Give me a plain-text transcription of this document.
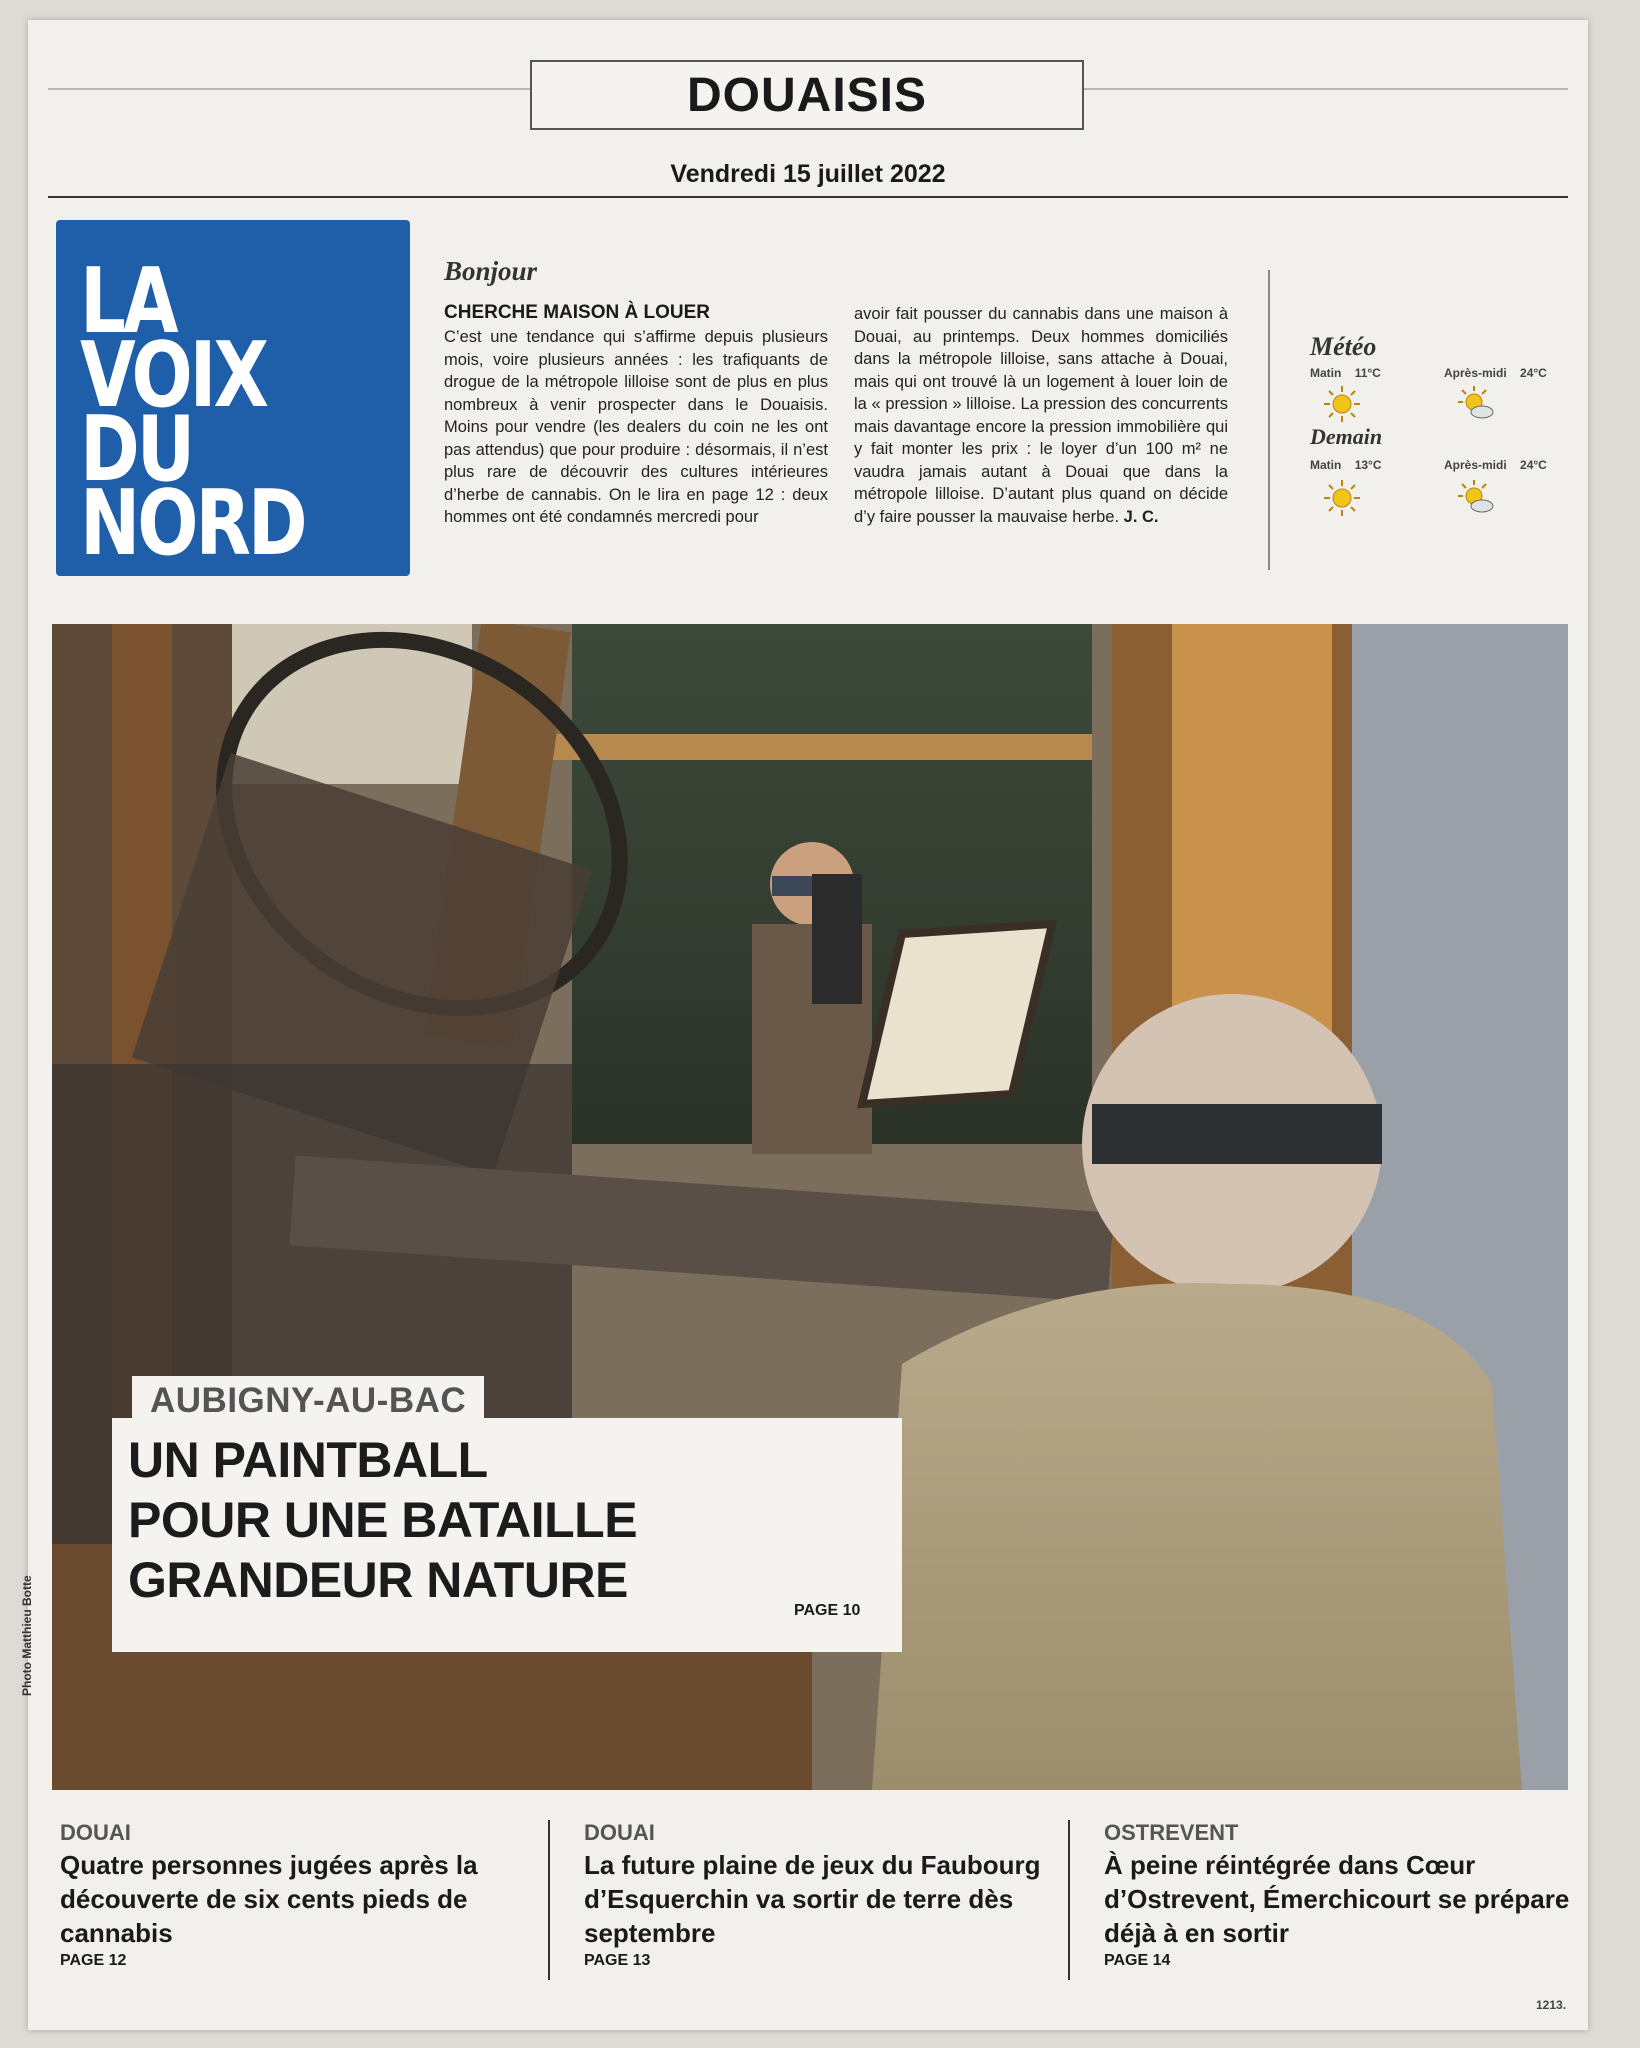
DOUAISIS
Vendredi 15 juillet 2022
LA
VOIX
DU
NORD
Bonjour
CHERCHE MAISON À LOUER
C’est une tendance qui s’affirme depuis plusieurs mois, voire plusieurs années : les trafiquants de drogue de la métropole lilloise sont de plus en plus nombreux à venir prospecter dans le Douaisis. Moins pour vendre (les dealers du coin ne les ont pas attendus) que pour produire : désormais, il n’est plus rare de découvrir des cultures intérieures d’herbe de cannabis. On le lira en page 12 : deux hommes ont été condamnés mercredi pour
avoir fait pousser du cannabis dans une maison à Douai, au printemps. Deux hommes domiciliés dans la métropole lilloise, sans attache à Douai, mais qui ont trouvé là un logement à louer loin de la « pression » lilloise. La pression des concurrents mais davantage encore la pression immobilière qui y fait monter les prix : le loyer d’un 100 m² ne vaudra jamais autant à Douai que dans la métropole lilloise. D’autant plus quand on décide d’y faire pousser la mauvaise herbe. J. C.
Météo
Matin 11°C	Après-midi 24°C
Demain
Matin 13°C	Après-midi 24°C
Photo Matthieu Botte
AUBIGNY-AU-BAC
UN PAINTBALL
POUR UNE BATAILLE
GRANDEUR NATURE
PAGE 10
DOUAI
Quatre personnes jugées après la découverte de six cents pieds de cannabis
PAGE 12
DOUAI
La future plaine de jeux du Faubourg d’Esquerchin va sortir de terre dès septembre
PAGE 13
OSTREVENT
À peine réintégrée dans Cœur d’Ostrevent, Émerchicourt se prépare déjà à en sortir
PAGE 14
1213.
